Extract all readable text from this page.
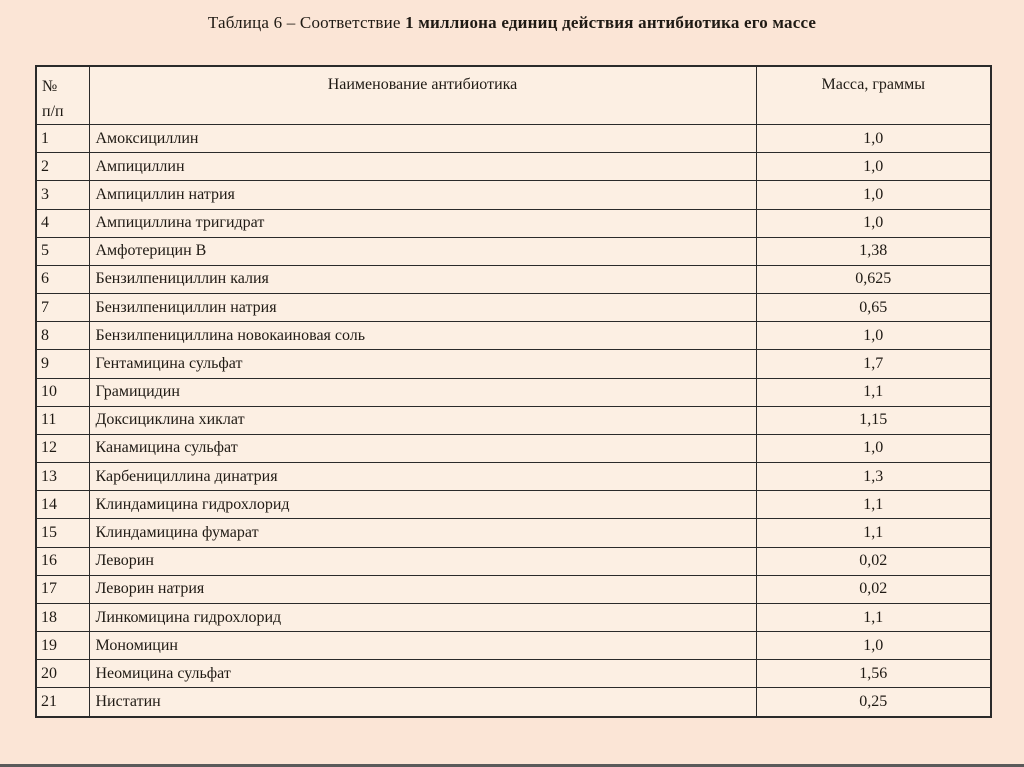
Таблица 6 – Соответствие 1 миллиона единиц действия антибиотика его массе
№
п/п	Наименование антибиотика	Масса, граммы
1	Амоксициллин	1,0
2	Ампициллин	1,0
3	Ампициллин натрия	1,0
4	Ампициллина тригидрат	1,0
5	Амфотерицин В	1,38
6	Бензилпенициллин калия	0,625
7	Бензилпенициллин натрия	0,65
8	Бензилпенициллина новокаиновая соль	1,0
9	Гентамицина сульфат	1,7
10	Грамицидин	1,1
11	Доксициклина хиклат	1,15
12	Канамицина сульфат	1,0
13	Карбенициллина динатрия	1,3
14	Клиндамицина гидрохлорид	1,1
15	Клиндамицина фумарат	1,1
16	Леворин	0,02
17	Леворин натрия	0,02
18	Линкомицина гидрохлорид	1,1
19	Мономицин	1,0
20	Неомицина сульфат	1,56
21	Нистатин	0,25
